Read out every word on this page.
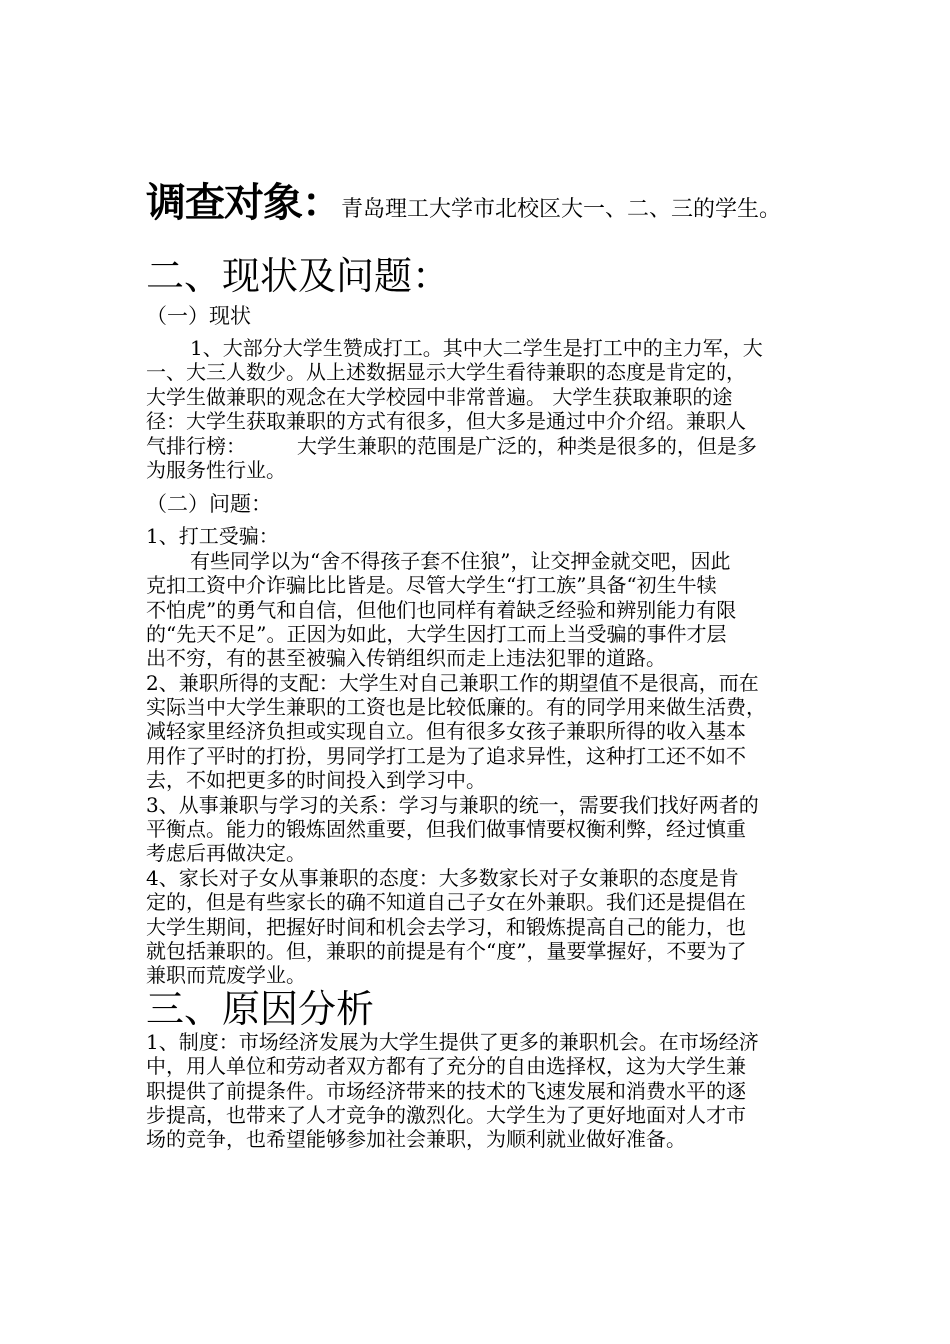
调查对象：青岛理工大学市北校区大一、二、三的学生。
二、现状及问题：
（一）现状
1、大部分大学生赞成打工。其中大二学生是打工中的主力军，大
一、大三人数少。从上述数据显示大学生看待兼职的态度是肯定的，
大学生做兼职的观念在大学校园中非常普遍。 大学生获取兼职的途
径：大学生获取兼职的方式有很多，但大多是通过中介介绍。兼职人
气排行榜：        大学生兼职的范围是广泛的，种类是很多的，但是多
为服务性行业。
（二）问题：
1、打工受骗：
有些同学以为“舍不得孩子套不住狼”，让交押金就交吧，因此
克扣工资中介诈骗比比皆是。尽管大学生“打工族”具备“初生牛犊
不怕虎”的勇气和自信，但他们也同样有着缺乏经验和辨别能力有限
的“先天不足”。正因为如此，大学生因打工而上当受骗的事件才层
出不穷，有的甚至被骗入传销组织而走上违法犯罪的道路。
2、兼职所得的支配：大学生对自己兼职工作的期望值不是很高，而在
实际当中大学生兼职的工资也是比较低廉的。有的同学用来做生活费，
减轻家里经济负担或实现自立。但有很多女孩子兼职所得的收入基本
用作了平时的打扮，男同学打工是为了追求异性，这种打工还不如不
去，不如把更多的时间投入到学习中。
3、从事兼职与学习的关系：学习与兼职的统一，需要我们找好两者的
平衡点。能力的锻炼固然重要，但我们做事情要权衡利弊，经过慎重
考虑后再做决定。
4、家长对子女从事兼职的态度：大多数家长对子女兼职的态度是肯
定的，但是有些家长的确不知道自己子女在外兼职。我们还是提倡在
大学生期间，把握好时间和机会去学习，和锻炼提高自己的能力，也
就包括兼职的。但，兼职的前提是有个“度”，量要掌握好，不要为了
兼职而荒废学业。
三、原因分析
1、制度：市场经济发展为大学生提供了更多的兼职机会。在市场经济
中，用人单位和劳动者双方都有了充分的自由选择权，这为大学生兼
职提供了前提条件。市场经济带来的技术的飞速发展和消费水平的逐
步提高，也带来了人才竞争的激烈化。大学生为了更好地面对人才市
场的竞争，也希望能够参加社会兼职，为顺利就业做好准备。
